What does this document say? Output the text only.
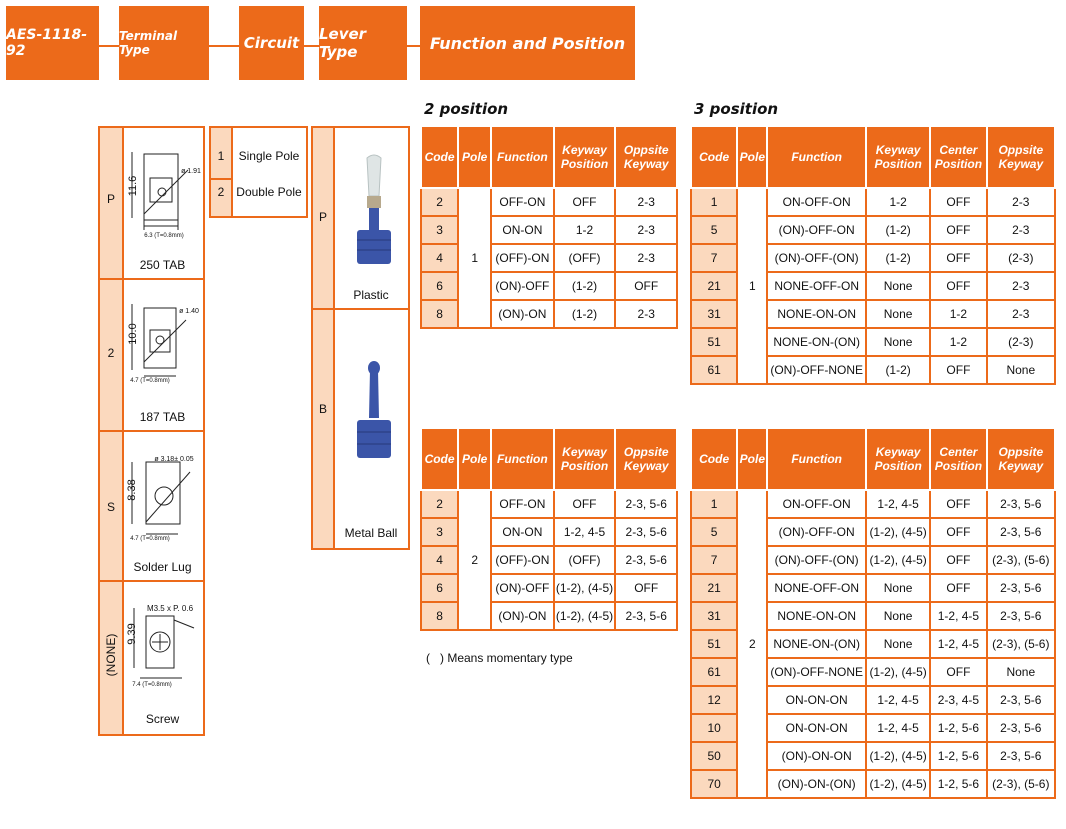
AES-1118-92
Terminal Type	Circuit Lever Type	Function and Position
P
2
S
(NONE)
11.6
ø 1.91
6.3 (T=0.8mm)
250 TAB
10.0
ø 1.40
4.7 (T=0.8mm)
187 TAB
8.38
ø 3.18± 0.05
4.7 (T=0.8mm)
Solder Lug
9.39
M3.5 x P. 0.6
7.4 (T=0.8mm)
Screw
1	Single Pole
2 Double Pole
P
B
Plastic
Metal Ball
2 position	3 position
Code	Pole	Function	Keyway Position	Oppsite Keyway
2	1	OFF-ON	OFF	2-3
3		ON-ON	1-2	2-3
4		(OFF)-ON	(OFF)	2-3
6		(ON)-OFF	(1-2)	OFF
8		(ON)-ON	(1-2)	2-3
Code	Pole	Function	Keyway Position	Oppsite Keyway
2	2	OFF-ON	OFF	2-3, 5-6
3		ON-ON	1-2, 4-5	2-3, 5-6
4		(OFF)-ON	(OFF)	2-3, 5-6
6		(ON)-OFF	(1-2), (4-5)	OFF
8		(ON)-ON	(1-2), (4-5)	2-3, 5-6
( ) Means momentary type
Code	Pole	Function	Keyway Position	Center Position	Oppsite Keyway
1	1	ON-OFF-ON	1-2	OFF	2-3
5		(ON)-OFF-ON	(1-2)	OFF	2-3
7		(ON)-OFF-(ON)	(1-2)	OFF	(2-3)
21		NONE-OFF-ON	None	OFF	2-3
31		NONE-ON-ON	None	1-2	2-3
51		NONE-ON-(ON)	None	1-2	(2-3)
61		(ON)-OFF-NONE	(1-2)	OFF	None
Code	Pole	Function	Keyway Position	Center Position	Oppsite Keyway
1	2	ON-OFF-ON	1-2, 4-5	OFF	2-3, 5-6
5		(ON)-OFF-ON	(1-2), (4-5)	OFF	2-3, 5-6
7		(ON)-OFF-(ON)	(1-2), (4-5)	OFF	(2-3), (5-6)
21		NONE-OFF-ON	None	OFF	2-3, 5-6
31		NONE-ON-ON	None	1-2, 4-5	2-3, 5-6
51		NONE-ON-(ON)	None	1-2, 4-5	(2-3), (5-6)
61		(ON)-OFF-NONE	(1-2), (4-5)	OFF	None
12		ON-ON-ON	1-2, 4-5	2-3, 4-5	2-3, 5-6
10		ON-ON-ON	1-2, 4-5	1-2, 5-6	2-3, 5-6
50		(ON)-ON-ON	(1-2), (4-5)	1-2, 5-6	2-3, 5-6
70		(ON)-ON-(ON)	(1-2), (4-5)	1-2, 5-6	(2-3), (5-6)
